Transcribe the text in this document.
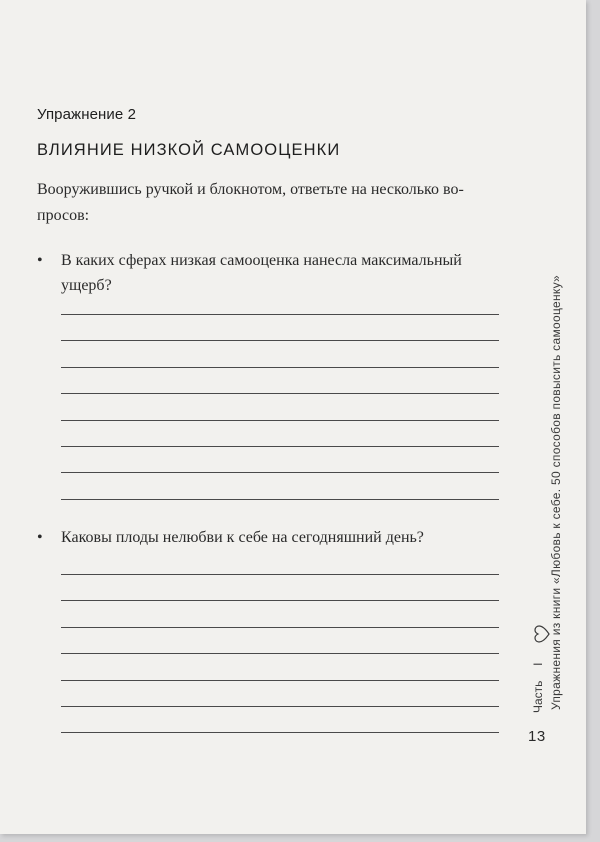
Упражнение 2
ВЛИЯНИЕ НИЗКОЙ САМООЦЕНКИ
Вооружившись ручкой и блокнотом, ответьте на несколько во- просов:
•	В каких сферах низкая самооценка нанесла максимальный ущерб?
•	Каковы плоды нелюбви к себе на сегодняшний день?	Упражнения из книги «Любовь к себе. 50 способов повысить самооценку»
Часть  I
13
